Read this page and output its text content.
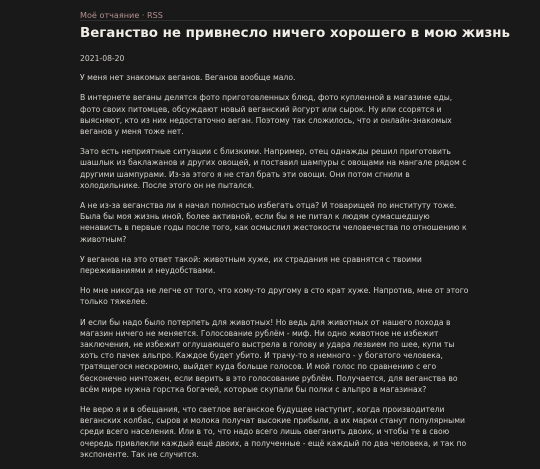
Моё отчаяние · RSS
Веганство не привнесло ничего хорошего в мою жизнь
2021-08-20

У меня нет знакомых веганов. Веганов вообще мало.

В интернете веганы делятся фото приготовленных блюд, фото купленной в магазине еды, фото своих питомцев, обсуждают новый веганский йогурт или сырок. Ну или ссорятся и выясняют, кто из них недостаточно веган. Поэтому так сложилось, что и онлайн-знакомых веганов у меня тоже нет.

Зато есть неприятные ситуации с близкими. Например, отец однажды решил приготовить шашлык из баклажанов и других овощей, и поставил шампуры с овощами на мангале рядом с другими шампурами. Из-за этого я не стал брать эти овощи. Они потом сгнили в холодильнике. После этого он не пытался.

А не из-за веганства ли я начал полностью избегать отца? И товарищей по институту тоже. Была бы моя жизнь иной, более активной, если бы я не питал к людям сумасшедшую ненависть в первые годы после того, как осмыслил жестокости человечества по отношению к животным?

У веганов на это ответ такой: животным хуже, их страдания не сравнятся с твоими переживаниями и неудобствами.

Но мне никогда не легче от того, что кому-то другому в сто крат хуже. Напротив, мне от этого только тяжелее.

И если бы надо было потерпеть для животных! Но ведь для животных от нашего похода в магазин ничего не меняется. Голосование рублём - миф. Ни одно животное не избежит заключения, не избежит оглушающего выстрела в голову и удара лезвием по шее, купи ты хоть сто пачек альпро. Каждое будет убито. И трачу-то я немного - у богатого человека, тратящегося нескромно, выйдет куда больше голосов. И мой голос по сравнению с его бесконечно ничтожен, если верить в это голосование рублём. Получается, для веганства во всём мире нужна горстка богачей, которые скупали бы полки с альпро в магазинах?

Не верю я и в обещания, что светлое веганское будущее наступит, когда производители веганских колбас, сыров и молока получат высокие прибыли, а их марки станут популярными среди всего населения. Или в то, что надо всего лишь овеганить двоих, и чтобы те в свою очередь привлекли каждый ещё двоих, а полученные - ещё каждый по два человека, и так по экспоненте. Так не случится.
